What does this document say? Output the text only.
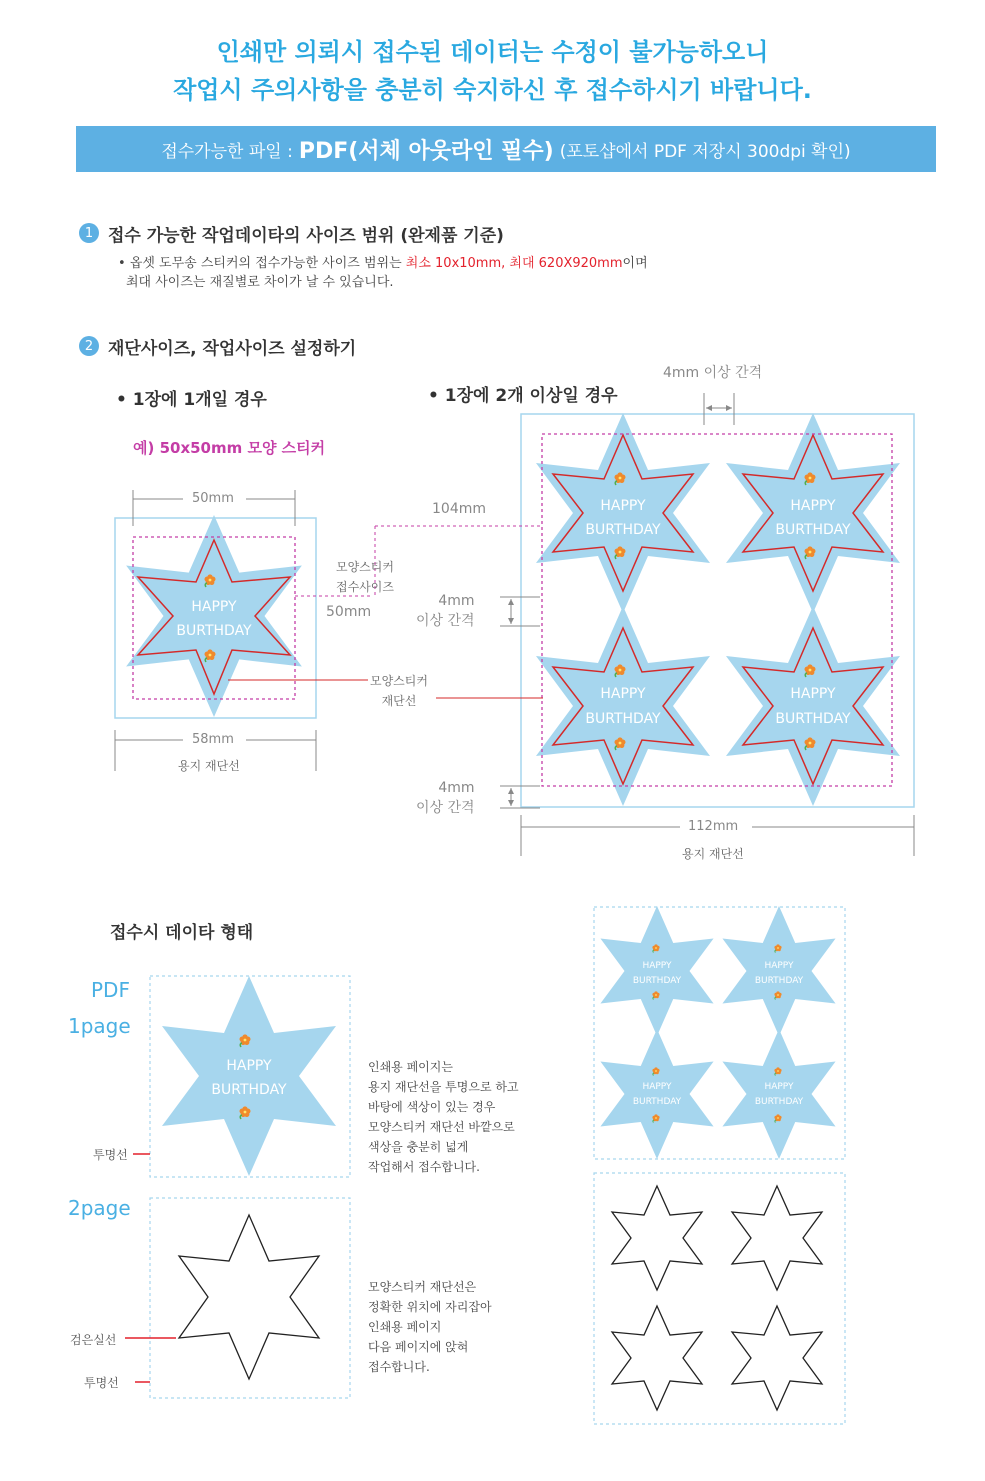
인쇄만 의뢰시 접수된 데이터는 수정이 불가능하오니
작업시 주의사항을 충분히 숙지하신 후 접수하시기 바랍니다.
접수가능한 파일 : PDF(서체 아웃라인 필수) (포토샵에서 PDF 저장시 300dpi 확인)
1 접수 가능한 작업데이타의 사이즈 범위 (완제품 기준)
• 옵셋 도무송 스티커의 접수가능한 사이즈 범위는 최소 10x10mm, 최대 620X920mm이며
최대 사이즈는 재질별로 차이가 날 수 있습니다.
2 재단사이즈, 작업사이즈 설정하기
• 1장에 1개일 경우	• 1장에 2개 이상일 경우
예) 50x50mm 모양 스티커
HAPPY
BURTHDAY
HAPPY
BURTHDAY
HAPPY
BURTHDAY
HAPPY
BURTHDAY
HAPPY
BURTHDAY
HAPPY
BURTHDAY
HAPPY
BURTHDAY
HAPPY
BURTHDAY
HAPPY
BURTHDAY
HAPPY
BURTHDAY
50mm
모양스티커
접수사이즈
50mm
모양스티커
재단선
58mm
용지 재단선
4mm 이상 간격
104mm
4mm
이상 간격
4mm
이상 간격
112mm
용지 재단선
접수시 데이타 형태
PDF
1page
2page
투명선
검은실선
투명선
인쇄용 페이지는
용지 재단선을 투명으로 하고
바탕에 색상이 있는 경우
모양스티커 재단선 바깥으로
색상을 충분히 넓게
작업해서 접수합니다.
모양스티커 재단선은
정확한 위치에 자리잡아
인쇄용 페이지
다음 페이지에 앉혀
접수합니다.
